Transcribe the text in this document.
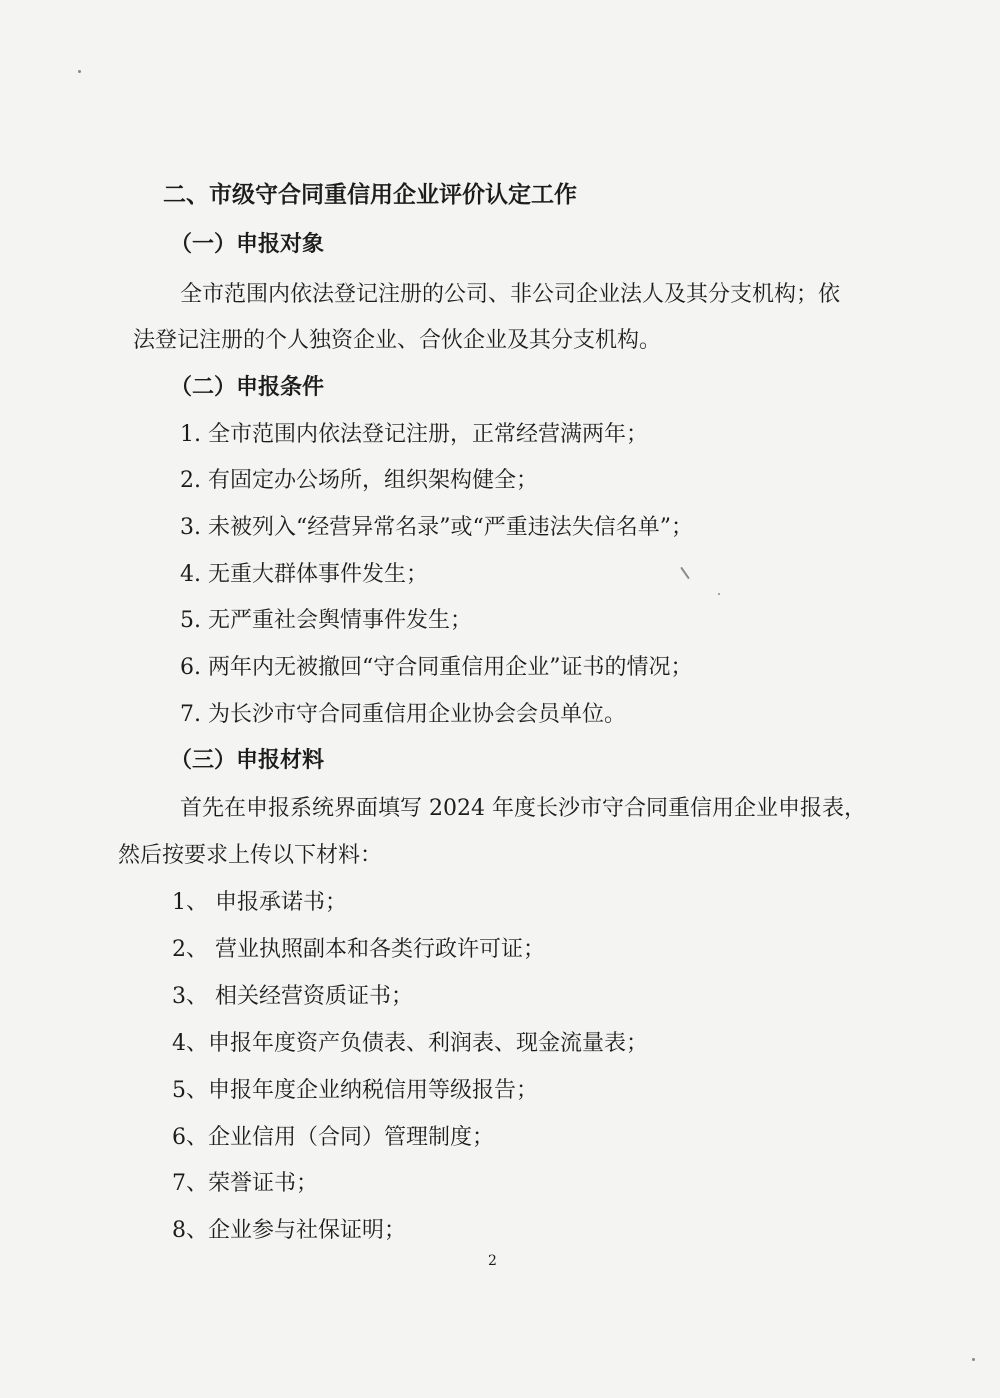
二、市级守合同重信用企业评价认定工作
（一）申报对象
全市范围内依法登记注册的公司、非公司企业法人及其分支机构；依
法登记注册的个人独资企业、合伙企业及其分支机构。
（二）申报条件
1. 全市范围内依法登记注册，正常经营满两年；
2. 有固定办公场所，组织架构健全；
3. 未被列入“经营异常名录”或“严重违法失信名单”；
4. 无重大群体事件发生；
5. 无严重社会舆情事件发生；
6. 两年内无被撤回“守合同重信用企业”证书的情况；
7. 为长沙市守合同重信用企业协会会员单位。
（三）申报材料
首先在申报系统界面填写 2024 年度长沙市守合同重信用企业申报表，
然后按要求上传以下材料：
1、 申报承诺书；
2、 营业执照副本和各类行政许可证；
3、 相关经营资质证书；
4、申报年度资产负债表、利润表、现金流量表；
5、申报年度企业纳税信用等级报告；
6、企业信用（合同）管理制度；
7、荣誉证书；
8、企业参与社保证明；
2
